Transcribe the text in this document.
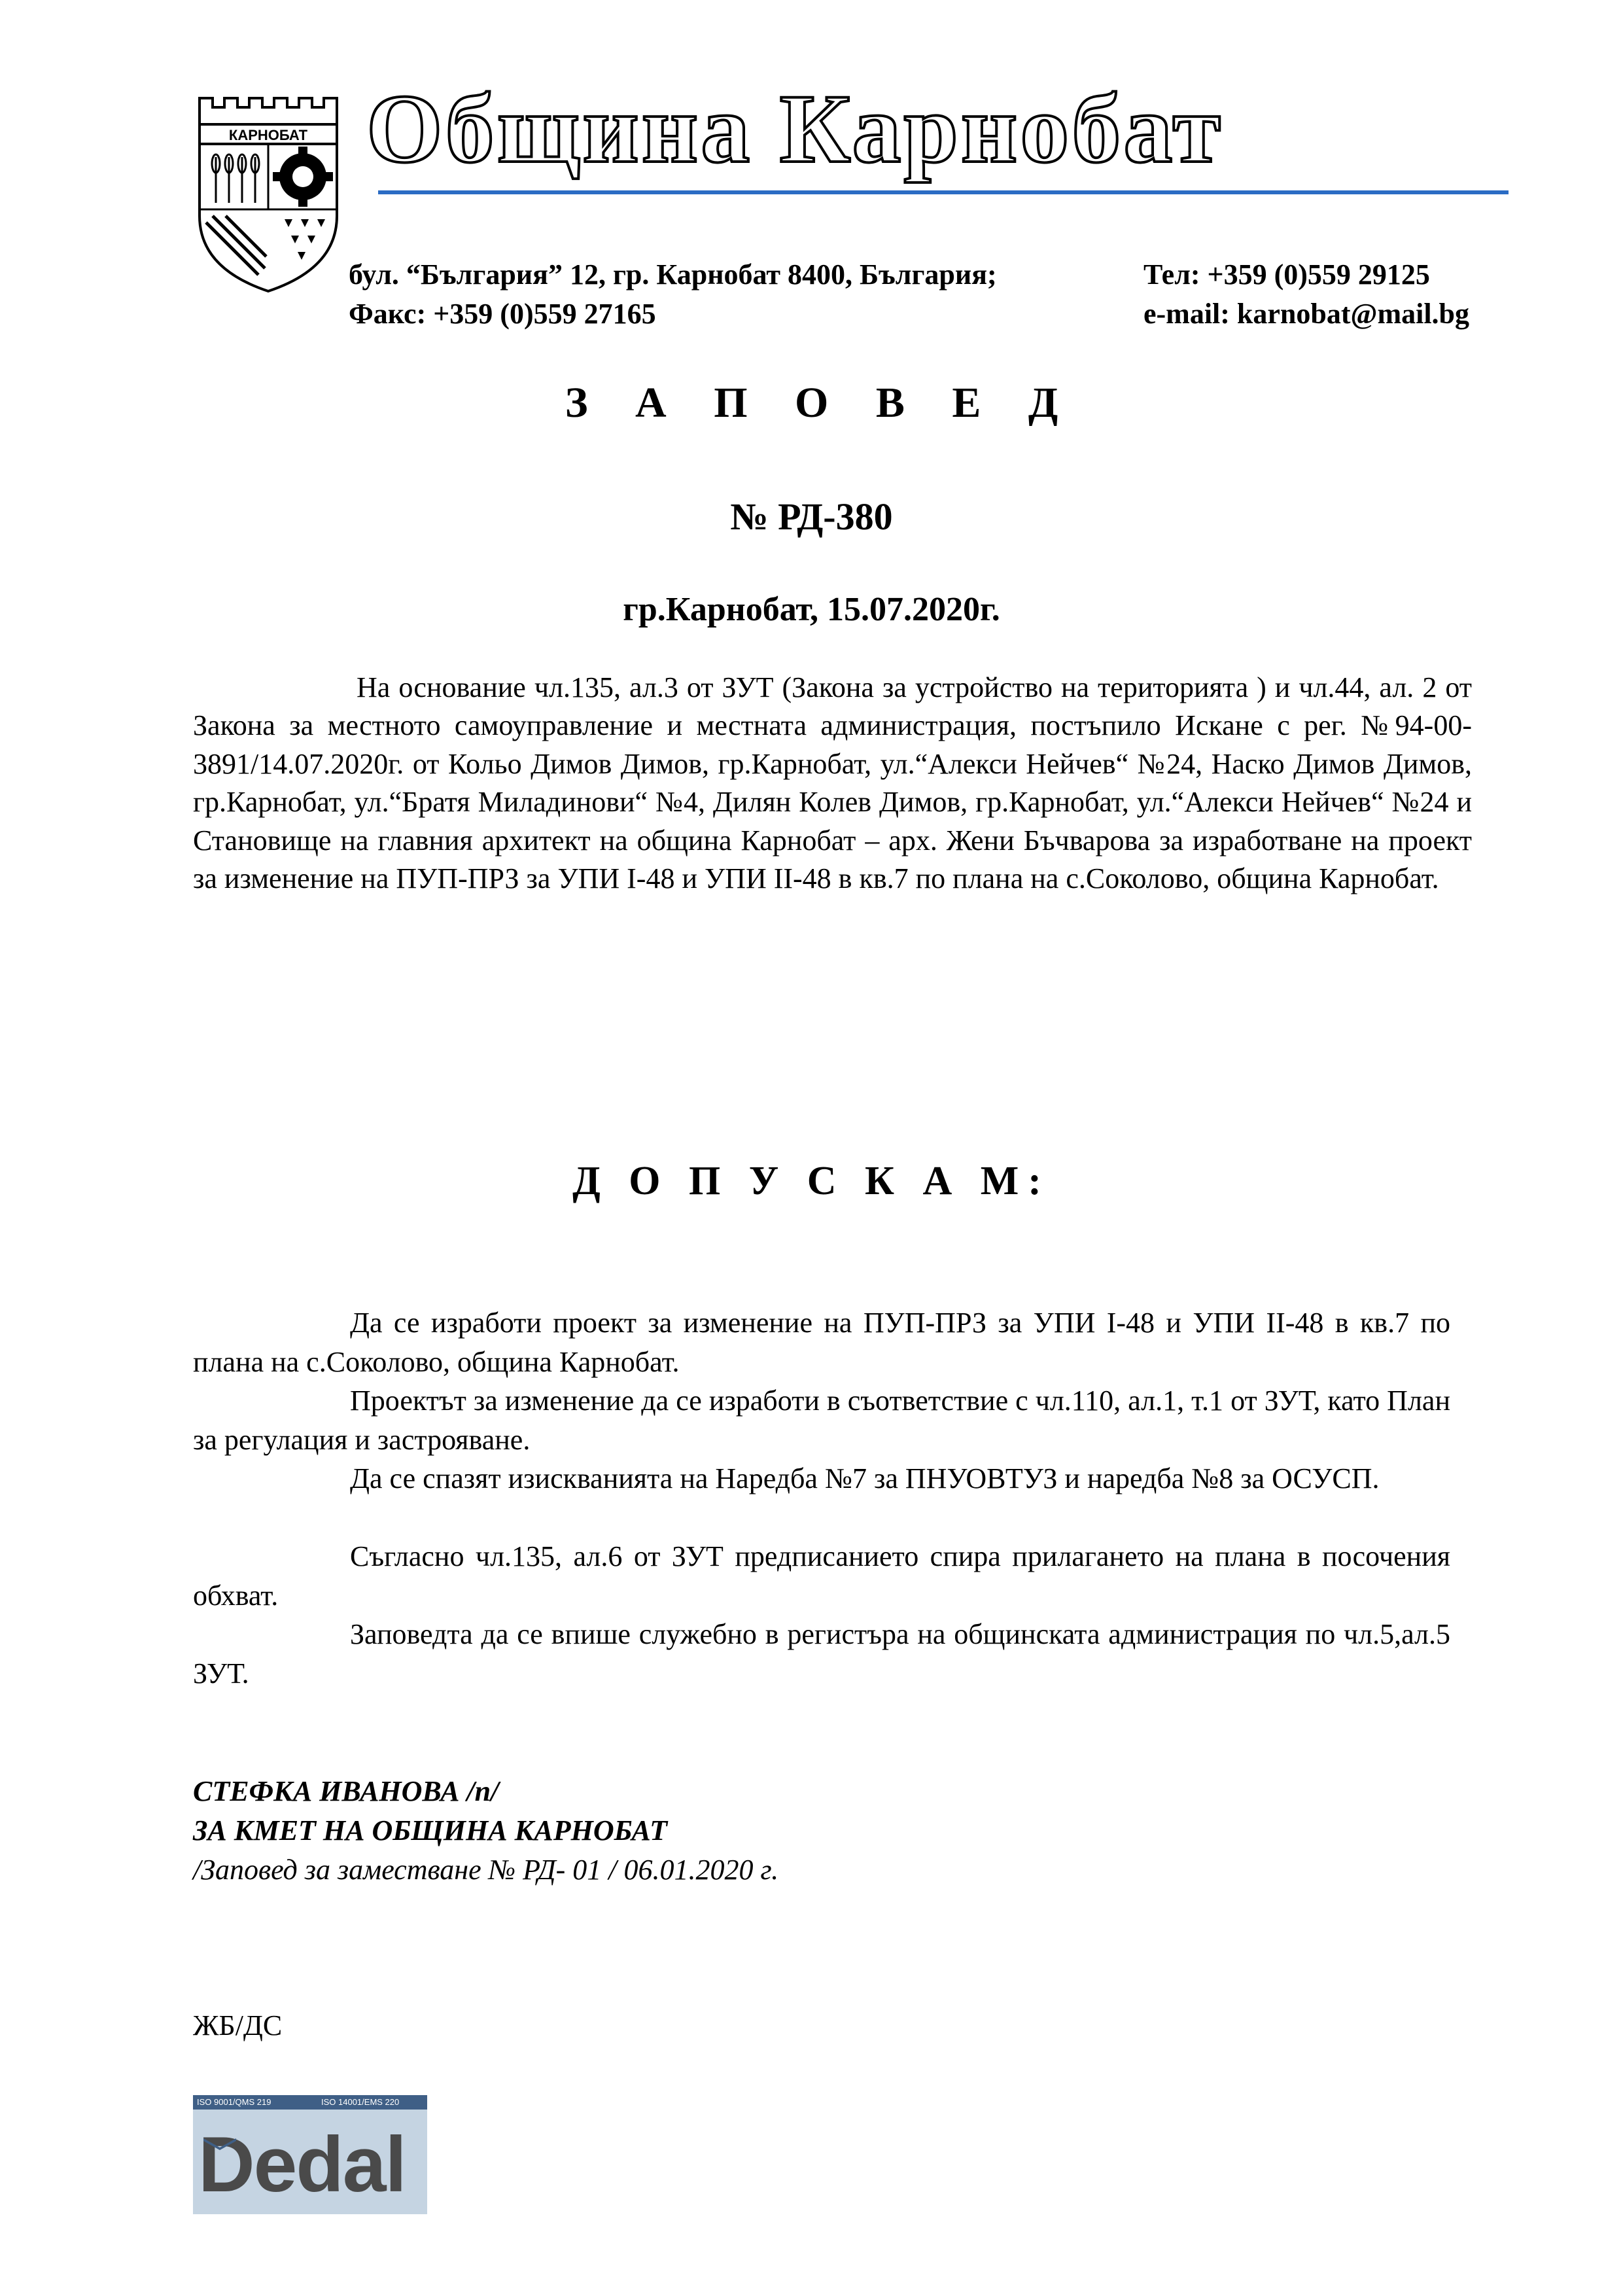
КАРНОБАТ Община Карнобат
бул. “България” 12, гр. Карнобат 8400, България;	Тел: +359 (0)559 29125
Факс: +359 (0)559 27165	e-mail: karnobat@mail.bg
З А П О В Е Д
№ РД-380
гр.Карнобат, 15.07.2020г.
На основание чл.135, ал.3 от ЗУТ (Закона за устройство на територията ) и чл.44, ал. 2 от Закона за местното самоуправление и местната администрация, постъпило Искане с рег. №94-00-3891/14.07.2020г. от Кольо Димов Димов, гр.Карнобат, ул.“Алекси Нейчев“ №24, Наско Димов Димов, гр.Карнобат, ул.“Братя Миладинови“ №4, Дилян Колев Димов, гр.Карнобат, ул.“Алекси Нейчев“ №24 и Становище на главния архитект на община Карнобат – арх. Жени Бъчварова за изработване на проект за изменение на ПУП-ПРЗ за УПИ I-48 и УПИ II-48 в кв.7 по плана на с.Соколово, община Карнобат.
Д О П У С К А М:
Да се изработи проект за изменение на ПУП-ПРЗ за УПИ I-48 и УПИ II-48 в кв.7 по плана на с.Соколово, община Карнобат.
Проектът за изменение да се изработи в съответствие с чл.110, ал.1, т.1 от ЗУТ, като План за регулация и застрояване.
Да се спазят изискванията на Наредба №7 за ПНУОВТУЗ и наредба №8 за ОСУСП.
Съгласно чл.135, ал.6 от ЗУТ предписанието спира прилагането на плана в посочения обхват.
Заповедта да се впише служебно в регистъра на общинската администрация по чл.5,ал.5 ЗУТ.
СТЕФКА ИВАНОВА /п/
ЗА КМЕТ НА ОБЩИНА КАРНОБАТ
/Заповед за заместване № РД- 01 / 06.01.2020 г.
ЖБ/ДС
ISO 9001/QMS 219	ISO 14001/EMS 220
Dedal
